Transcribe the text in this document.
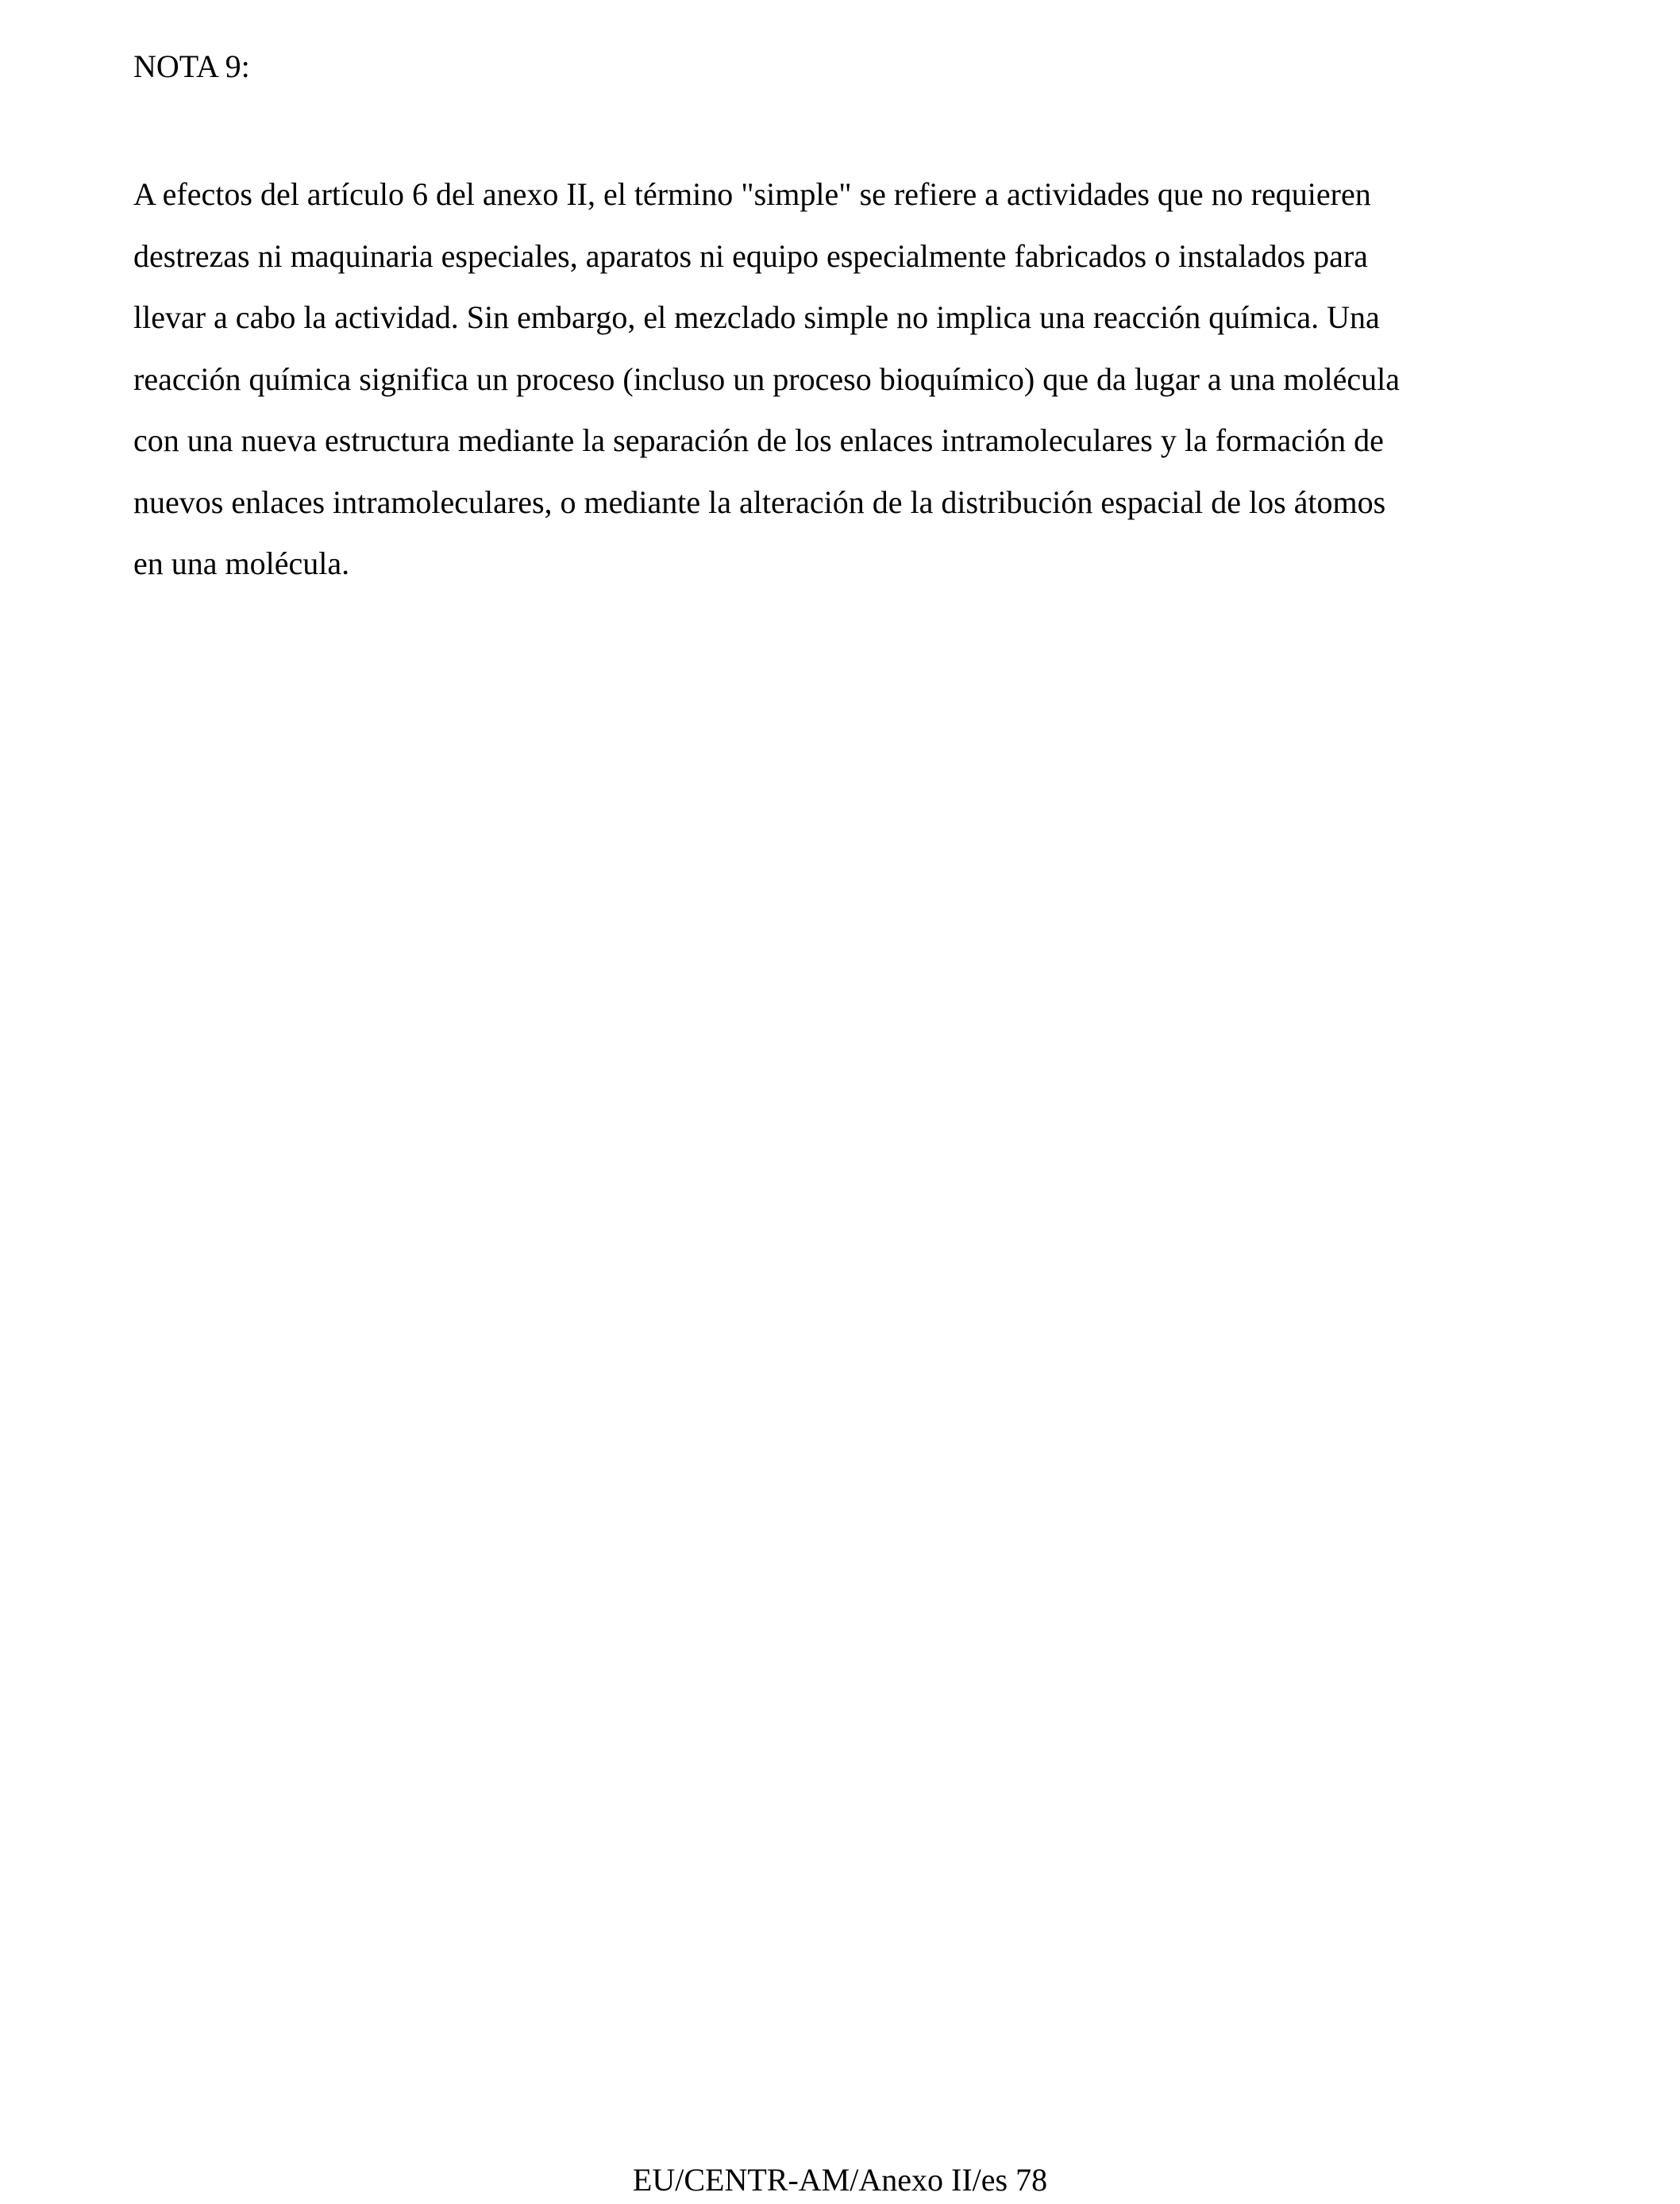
NOTA 9:

A efectos del artículo 6 del anexo II, el término "simple" se refiere a actividades que no requieren
destrezas ni maquinaria especiales, aparatos ni equipo especialmente fabricados o instalados para
llevar a cabo la actividad. Sin embargo, el mezclado simple no implica una reacción química. Una
reacción química significa un proceso (incluso un proceso bioquímico) que da lugar a una molécula
con una nueva estructura mediante la separación de los enlaces intramoleculares y la formación de
nuevos enlaces intramoleculares, o mediante la alteración de la distribución espacial de los átomos
en una molécula.

EU/CENTR-AM/Anexo II/es 78
